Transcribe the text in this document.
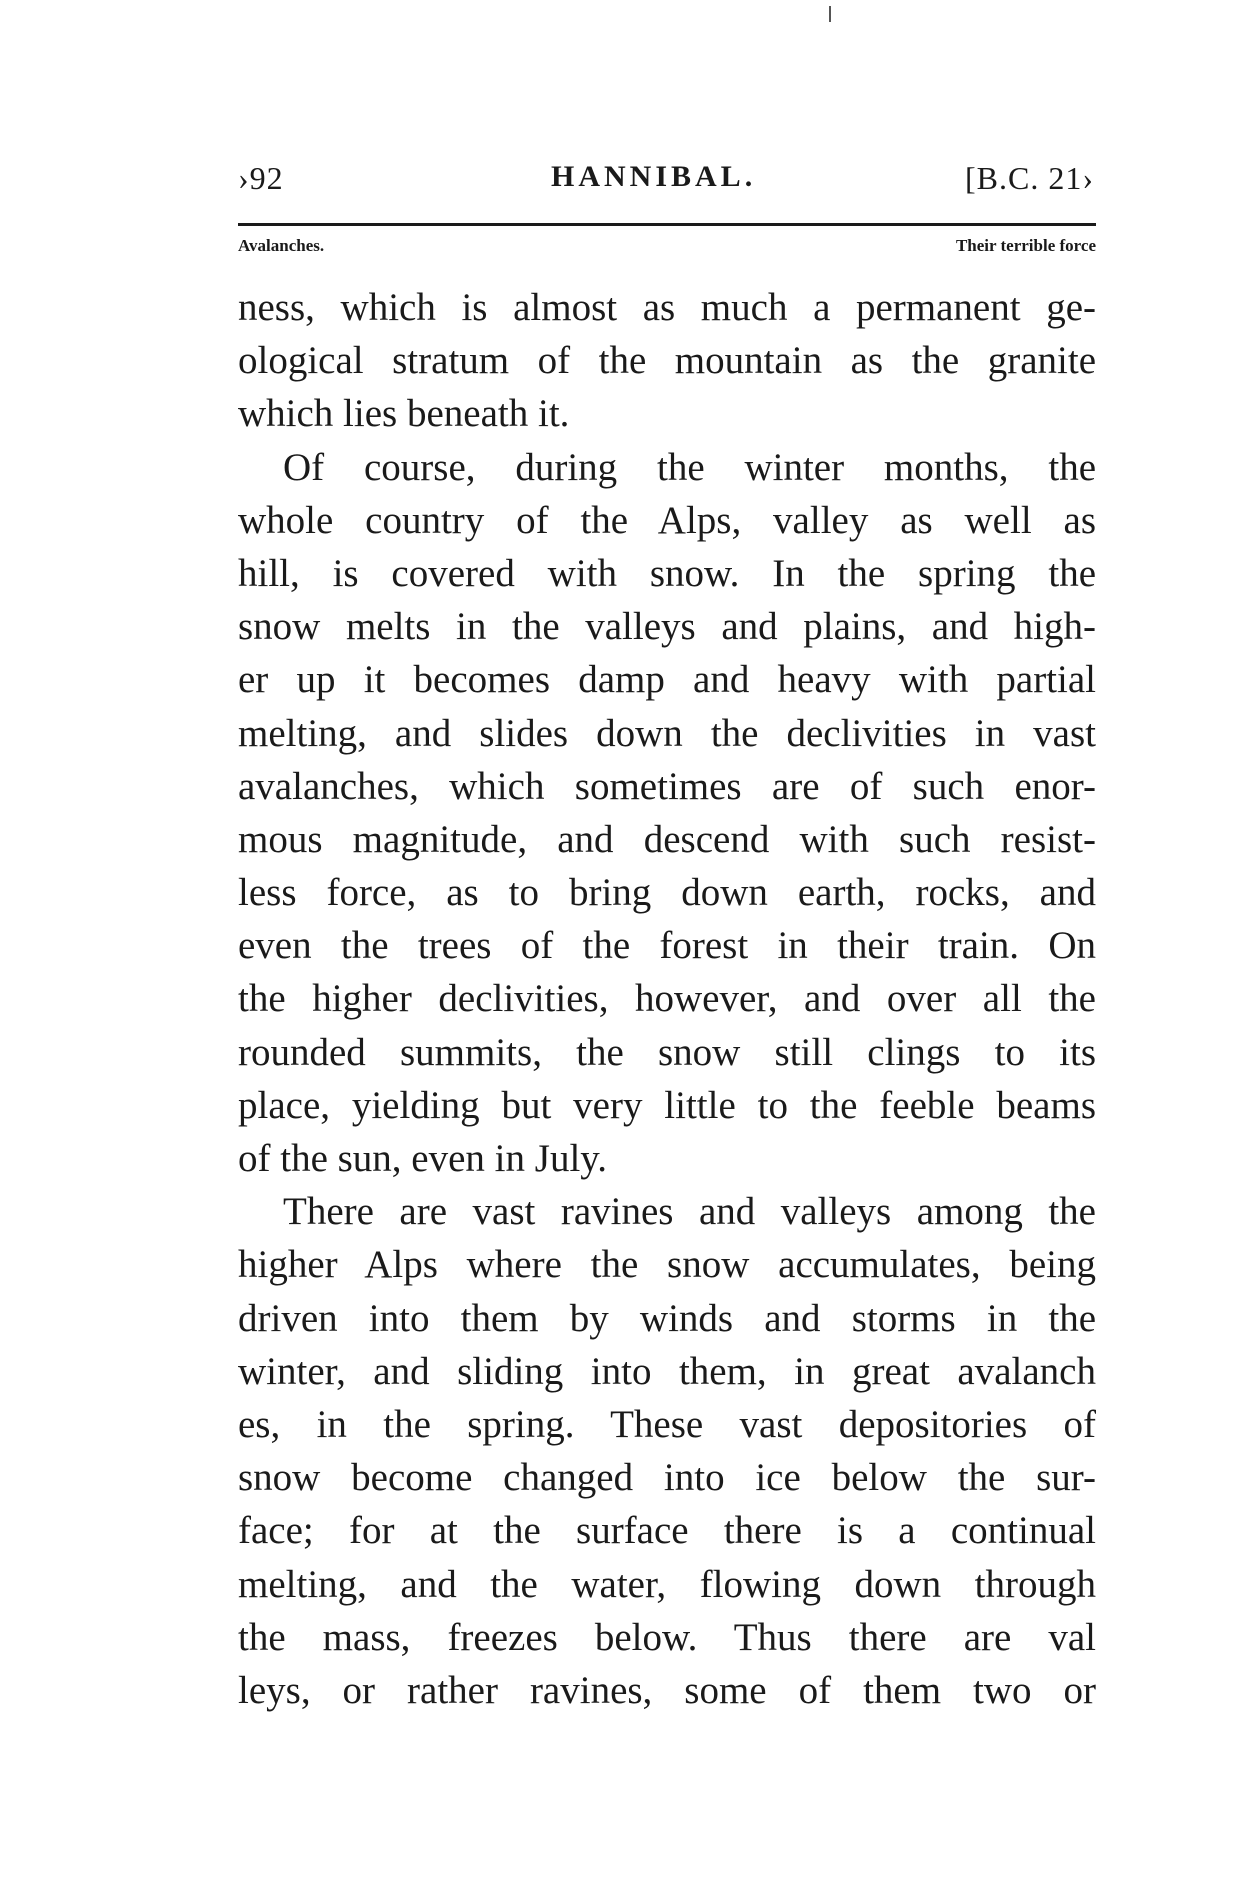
›92	HANNIBAL.	[B.C. 21›
Avalanches.	Their terrible force
ness, which is almost as much a permanent ge-
ological stratum of the mountain as the granite
which lies beneath it.
Of course, during the winter months, the
whole country of the Alps, valley as well as
hill, is covered with snow. In the spring the
snow melts in the valleys and plains, and high-
er up it becomes damp and heavy with partial
melting, and slides down the declivities in vast
avalanches, which sometimes are of such enor-
mous magnitude, and descend with such resist-
less force, as to bring down earth, rocks, and
even the trees of the forest in their train. On
the higher declivities, however, and over all the
rounded summits, the snow still clings to its
place, yielding but very little to the feeble beams
of the sun, even in July.
There are vast ravines and valleys among the
higher Alps where the snow accumulates, being
driven into them by winds and storms in the
winter, and sliding into them, in great avalanch
es, in the spring. These vast depositories of
snow become changed into ice below the sur-
face; for at the surface there is a continual
melting, and the water, flowing down through
the mass, freezes below. Thus there are val
leys, or rather ravines, some of them two or
